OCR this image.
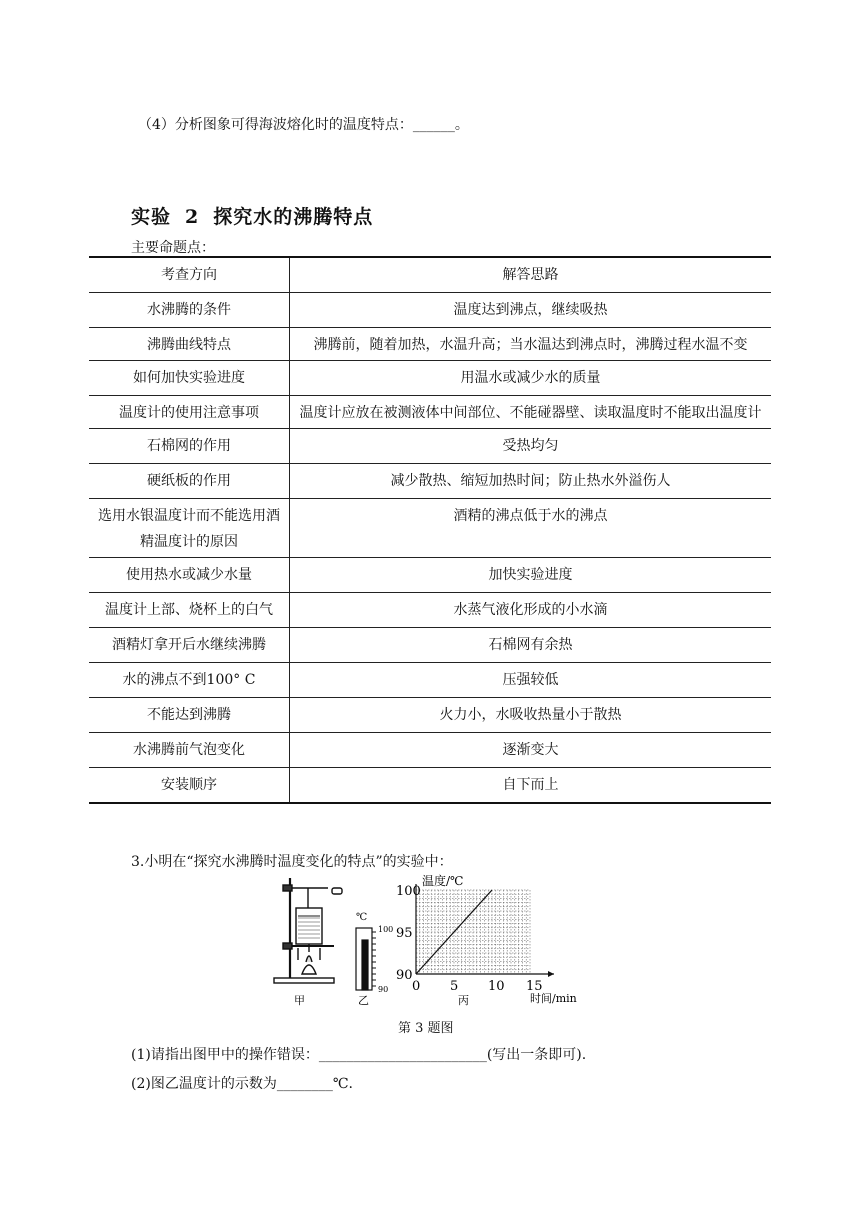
（4）分析图象可得海波熔化时的温度特点：______。
实验 2 探究水的沸腾特点
主要命题点：
考查方向	解答思路

水沸腾的条件	温度达到沸点，继续吸热

沸腾曲线特点	沸腾前，随着加热，水温升高；当水温达到沸点时，沸腾过程水温不变

如何加快实验进度	用温水或减少水的质量

温度计的使用注意事项	温度计应放在被测液体中间部位、不能碰器壁、读取温度时不能取出温度计

石棉网的作用	受热均匀

硬纸板的作用	减少散热、缩短加热时间；防止热水外溢伤人

选用水银温度计而不能选用酒精温度计的原因	酒精的沸点低于水的沸点

使用热水或减少水量	加快实验进度

温度计上部、烧杯上的白气	水蒸气液化形成的小水滴

酒精灯拿开后水继续沸腾	石棉网有余热

水的沸点不到100° C	压强较低

不能达到沸腾	火力小，水吸收热量小于散热

水沸腾前气泡变化	逐渐变大

安装顺序	自下而上
3.小明在“探究水沸腾时温度变化的特点”的实验中：
甲
℃
100
90
乙
100
95
90
0 5 10 15
温度/℃
时间/min
丙
第 3 题图
(1)请指出图甲中的操作错误：________________________(写出一条即可).
(2)图乙温度计的示数为________℃.
